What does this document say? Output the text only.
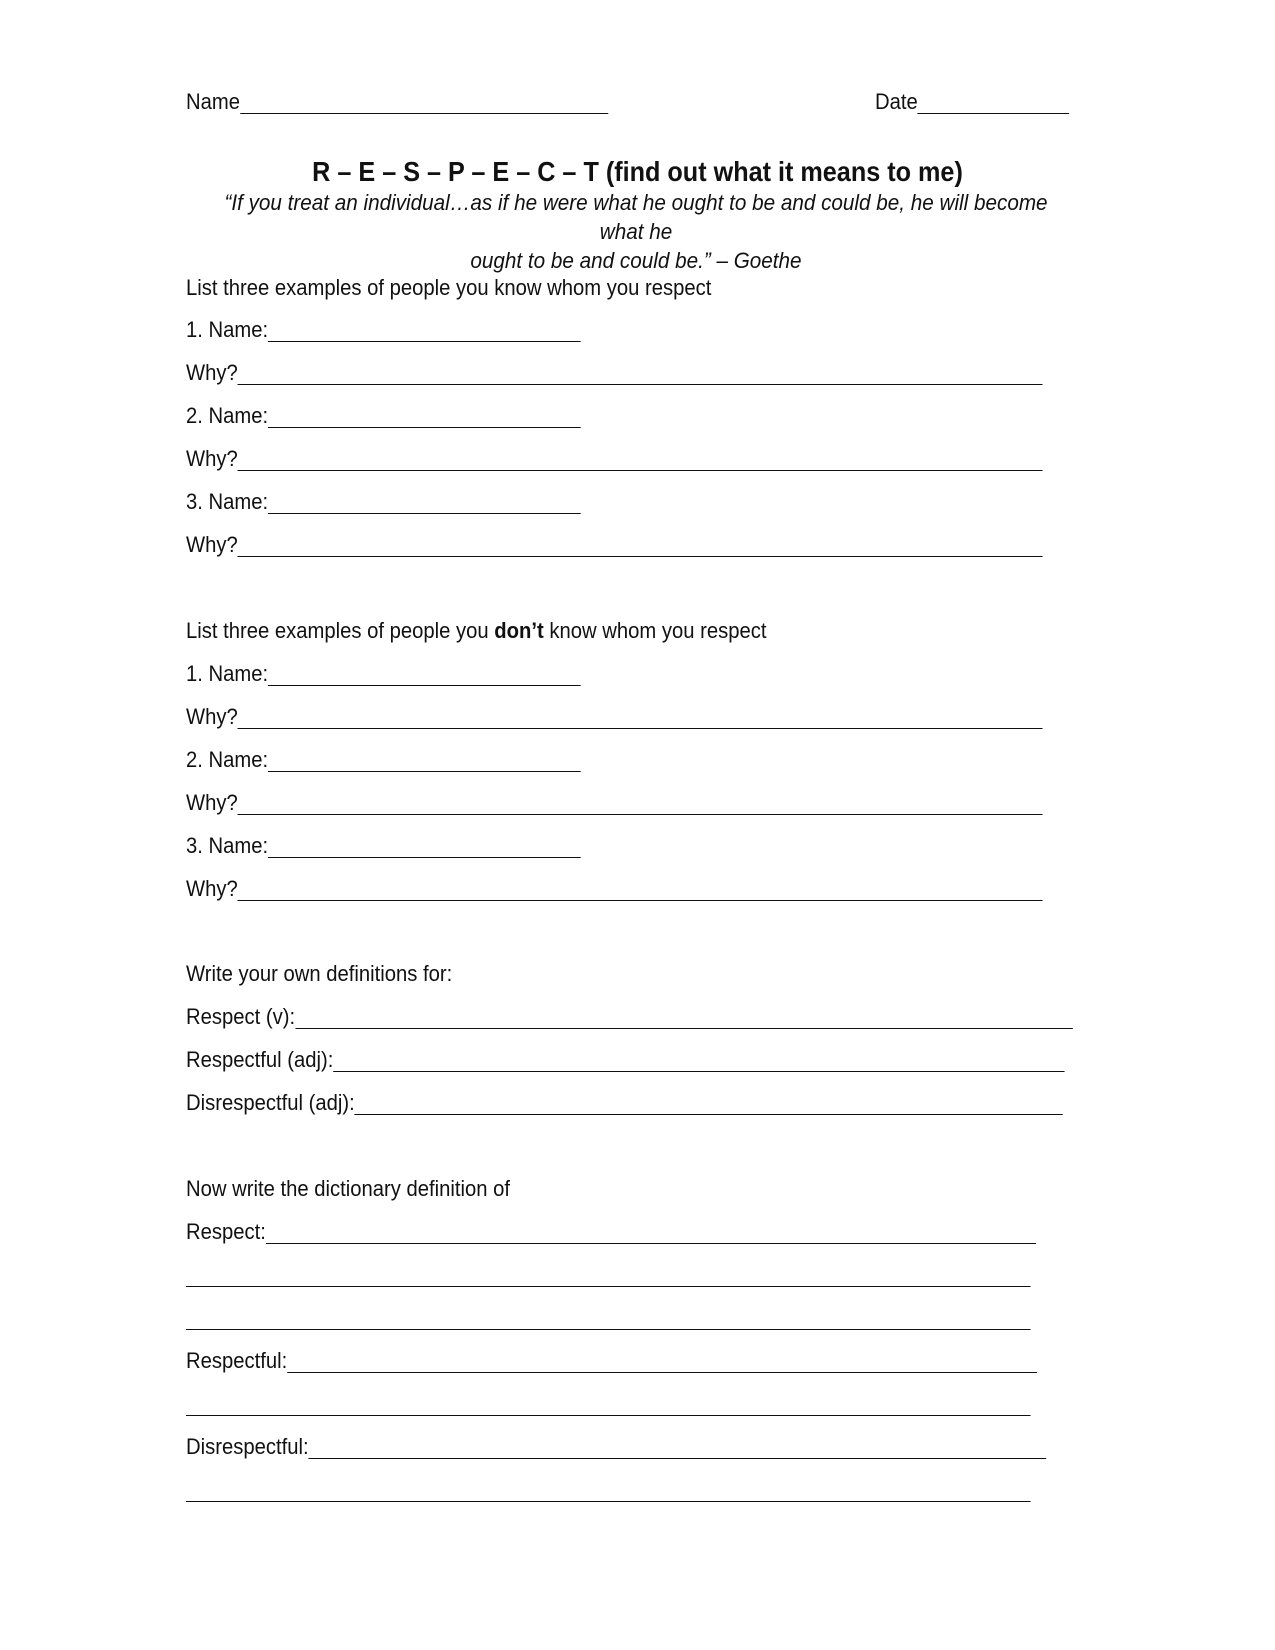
Name	Date
R – E – S – P – E – C – T (find out what it means to me)
“If you treat an individual…as if he were what he ought to be and could be, he will become what he
ought to be and could be.” – Goethe
List three examples of people you know whom you respect
1. Name:
Why?
2. Name:
Why?
3. Name:
Why?
List three examples of people you don’t know whom you respect
1. Name:
Why?
2. Name:
Why?
3. Name:
Why?
Write your own definitions for:
Respect (v):
Respectful (adj):
Disrespectful (adj):
Now write the dictionary definition of
Respect:
Respectful:
Disrespectful:
